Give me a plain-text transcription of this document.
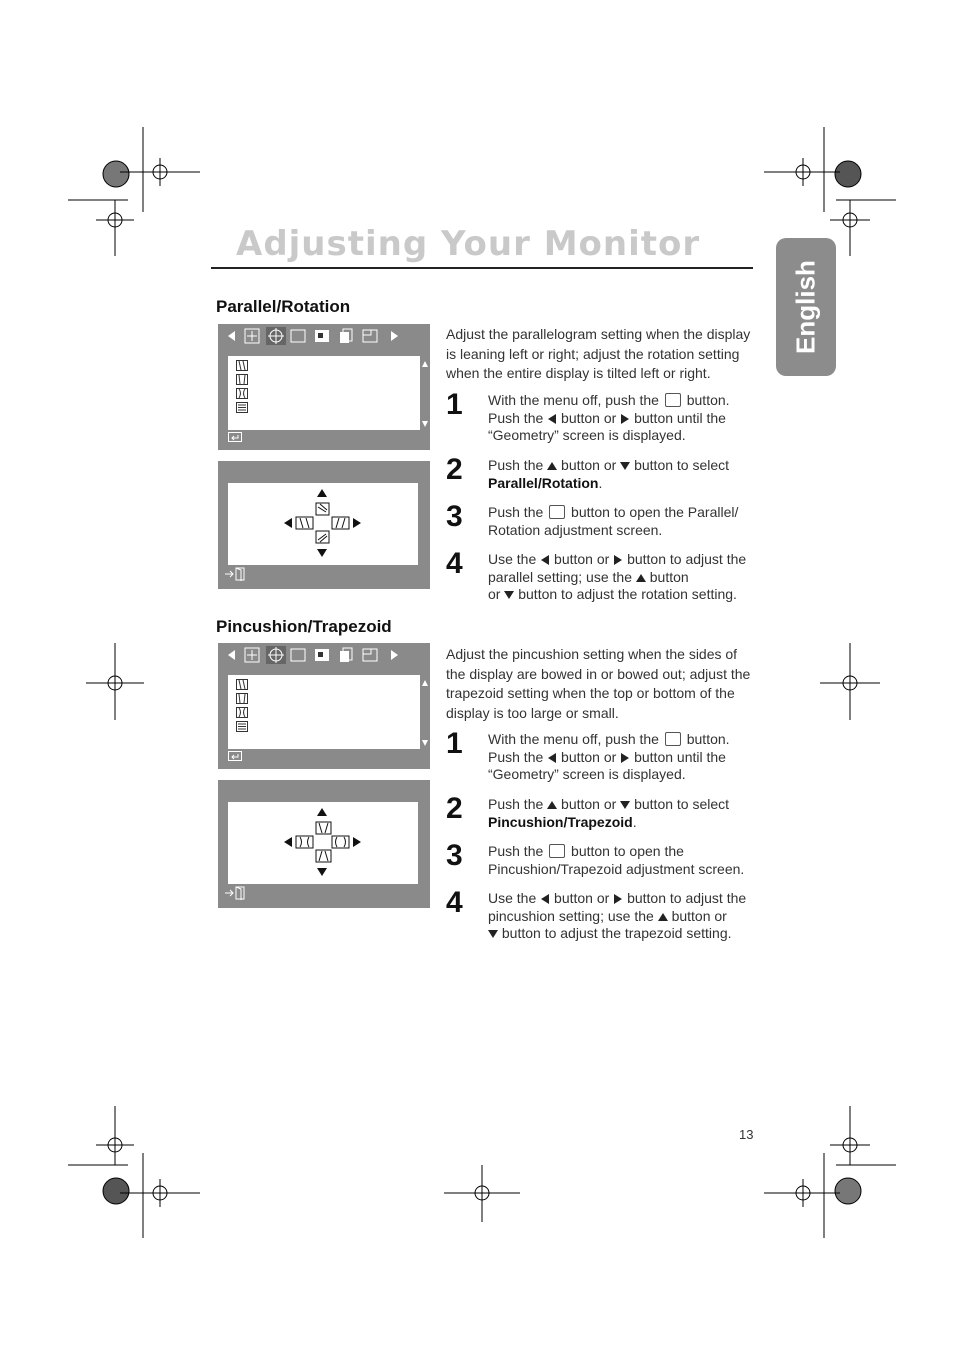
Adjusting Your Monitor
English
Parallel/Rotation
Adjust the parallelogram setting when the display is leaning left or right; adjust the rotation setting when the entire display is tilted left or right.
1 With the menu off, push the button.
Push the button or button until the
“Geometry” screen is displayed.
2 Push the button or button to select
Parallel/Rotation.
3 Push the button to open the Parallel/
Rotation adjustment screen.
4 Use the button or button to adjust the
parallel setting; use the button
or button to adjust the rotation setting.
Pincushion/Trapezoid
Adjust the pincushion setting when the sides of the display are bowed in or bowed out; adjust the trapezoid setting when the top or bottom of the display is too large or small.
1 With the menu off, push the button.
Push the button or button until the
“Geometry” screen is displayed.
2 Push the button or button to select
Pincushion/Trapezoid.
3 Push the button to open the
Pincushion/Trapezoid adjustment screen.
4 Use the button or button to adjust the
pincushion setting; use the button or
button to adjust the trapezoid setting.
13
